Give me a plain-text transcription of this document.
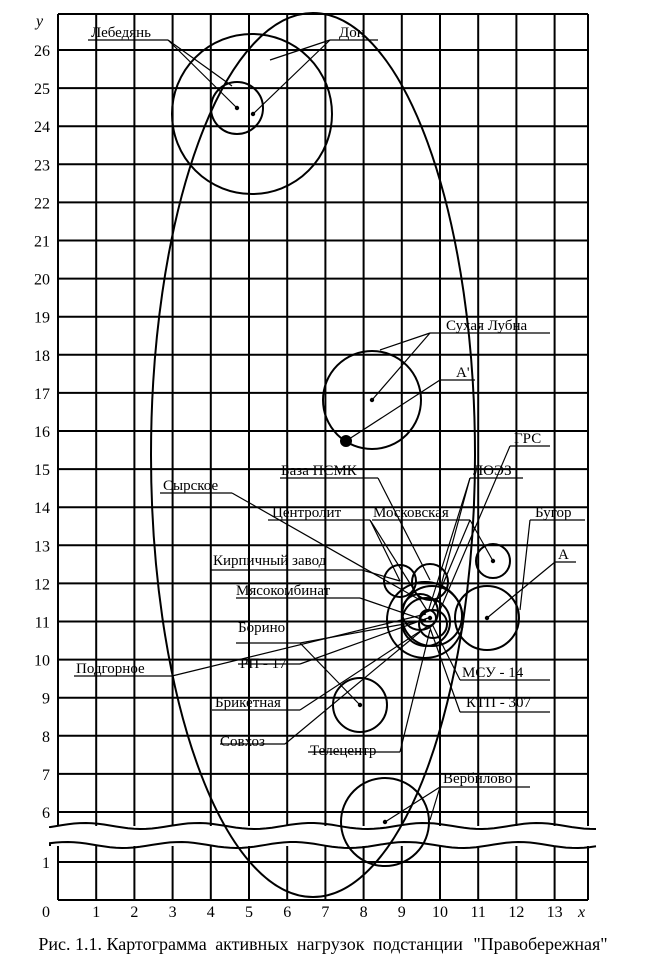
1 2 3 4 5 6 7 8 9 10 11 12 13
6
7
8
9
10
11
12
13
14
15
16
17
18
19
20
21
22
23
24
25
26
1
0	x
y
Лебедянь	Дон
Сухая Лубна
А'
ГРС
База ПСМК	ЛОЭЗ
Сырское
Центролит Московская	Бугор
Кирпичный завод	А
Мясокомбинат
Борино
РП - 17
Подгорное	МСУ - 14
Брикетная	КТП - 307
Совхоз
Телецентр
Вербилово
Рис. 1.1. Картограмма активных нагрузок подстанции "Правобережная"
